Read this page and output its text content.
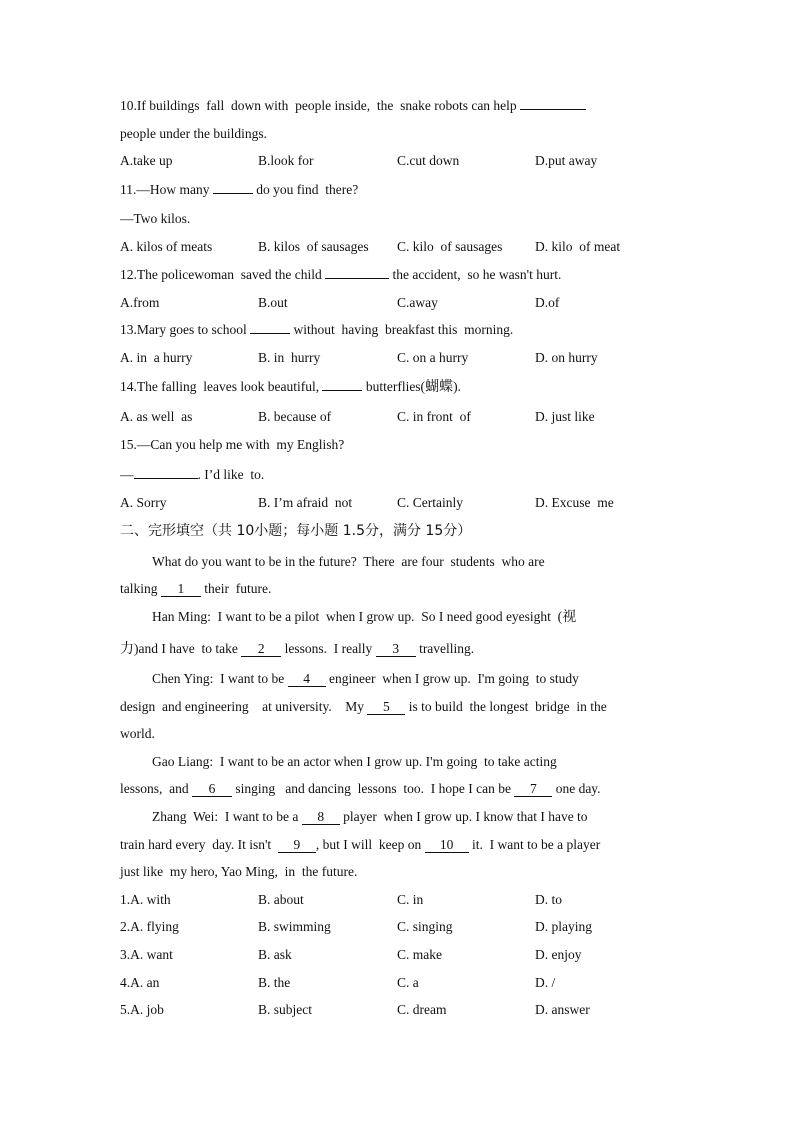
10.If buildings  fall  down with  people inside,  the  snake robots can help
people under the buildings.
A.take up	B.look for	C.cut down	D.put away
11.—How many	do you find  there?
—Two kilos.
A. kilos of meats	B. kilos  of sausages C. kilo  of sausages D. kilo  of meat
12.The policewoman  saved the child	the accident,  so he wasn't hurt.
A.from	B.out	C.away	D.of
13.Mary goes to school	without  having  breakfast this  morning.
A. in  a hurry	B. in  hurry	C. on a hurry	D. on hurry
14.The falling  leaves look beautiful,	butterflies(蝴蝶).
A. as well  as	B. because of	C. in front  of	D. just like
15.—Can you help me with  my English?
—	. I’d like  to.
A. Sorry	B. I’m afraid  not	C. Certainly	D. Excuse  me
二、完形填空（共 10小题；每小题 1.5分，满分 15分）
What do you want to be in the future?  There  are four  students  who are
talking 1 their  future.
Han Ming:  I want to be a pilot  when I grow up.  So I need good eyesight  (视
力)and I have  to take 2 lessons.  I really 3 travelling.
Chen Ying:  I want to be 4 engineer  when I grow up.  I'm going  to study
design  and engineering    at university.    My 5 is to build  the longest  bridge  in the
world.
Gao Liang:  I want to be an actor when I grow up. I'm going  to take acting
lessons,  and 6 singing   and dancing  lessons  too.  I hope I can be 7 one day.
Zhang  Wei:  I want to be a 8 player  when I grow up. I know that I have to
train hard every  day. It isn't  9 , but I will  keep on 10 it.  I want to be a player
just like  my hero, Yao Ming,  in  the future.
1.A. with	B. about	C. in	D. to
2.A. flying	B. swimming	C. singing	D. playing
3.A. want	B. ask	C. make	D. enjoy
4.A. an	B. the	C. a	D. /
5.A. job	B. subject	C. dream	D. answer
